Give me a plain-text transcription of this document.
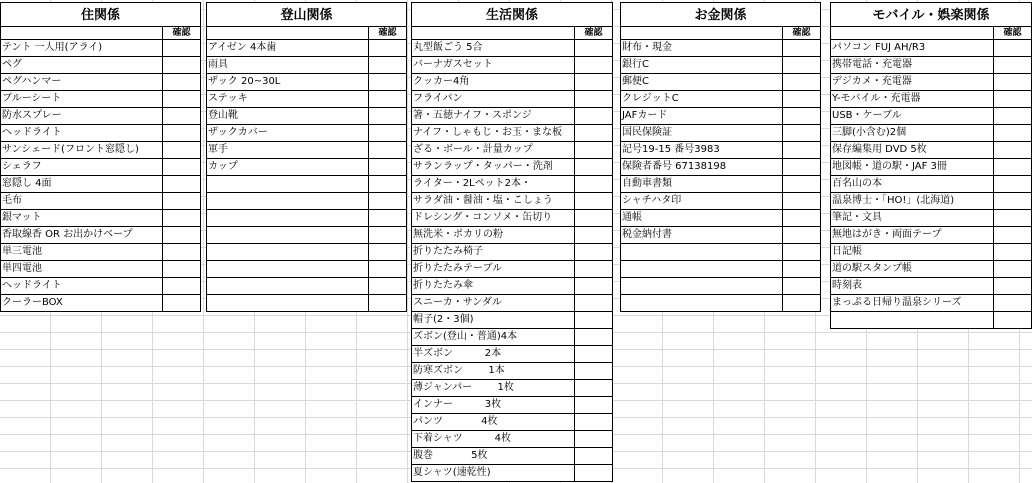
住関係
確認
テント 一人用(アライ)
ペグ
ペグハンマー
ブルーシート
防水スプレー
ヘッドライト
サンシェード(フロント窓隠し)
シェラフ
窓隠し 4面
毛布
銀マット
香取線香 OR お出かけベープ
単三電池
単四電池
ヘッドライト
クーラーBOX
登山関係
確認
アイゼン 4本歯
雨具
ザック 20~30L
ステッキ
登山靴
ザックカバー
軍手
カップ
生活関係
確認
丸型飯ごう 5合
バーナガスセット
クッカー4角
フライパン
箸・五徳ナイフ・スポンジ
ナイフ・しゃもじ・お玉・まな板
ざる・ボール・計量カップ
サランラップ・タッパー・洗剤
ライター・2Lペット2本・
サラダ油・醤油・塩・こしょう
ドレシング・コンソメ・缶切り
無洗米・ポカリの粉
折りたたみ椅子
折りたたみテーブル
折りたたみ傘
スニーカ・サンダル
帽子(2・3個)
ズボン(登山・普通)4本
半ズボン          2本
防寒ズボン        1本
薄ジャンパー        1枚
インナー          3枚
パンツ            4枚
下着シャツ          4枚
腹巻            5枚
夏シャツ(速乾性)
お金関係
確認
財布・現金
銀行C
郵便C
クレジットC
JAFカード
国民保険証
記号19-15 番号3983
保険者番号 67138198
自動車書類
シャチハタ印
通帳
税金納付書
モバイル・娯楽関係
確認
パソコン FUJ AH/R3
携帯電話・充電器
デジカメ・充電器
Y-モバイル・充電器
USB・ケーブル
三脚(小含む)2個
保存編集用 DVD 5枚
地図帳・道の駅・JAF 3冊
百名山の本
温泉博士・「HO!」(北海道)
筆記・文具
無地はがき・両面テープ
日記帳
道の駅スタンプ帳
時刻表
まっぷる日帰り温泉シリーズ
